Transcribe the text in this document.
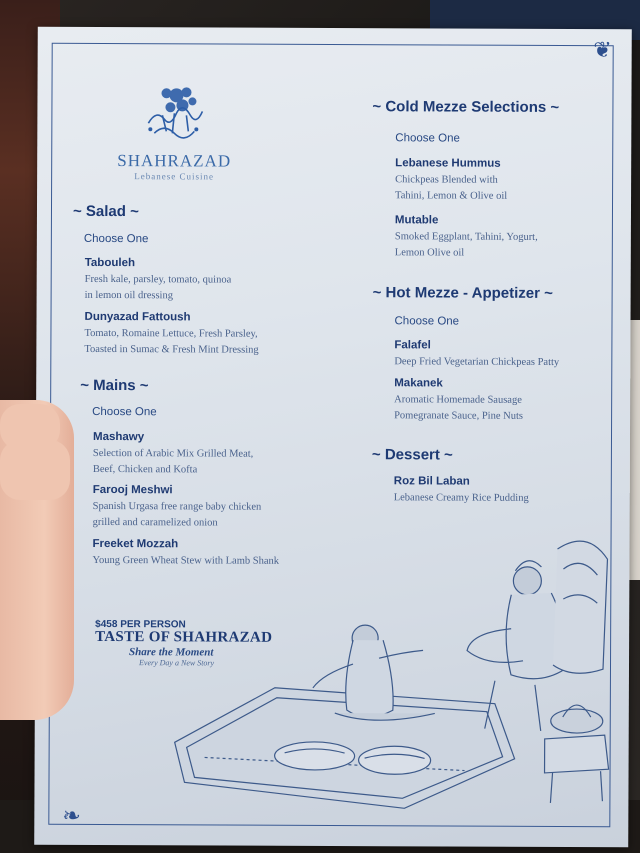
❦
❧
SHAHRAZAD
Lebanese Cuisine
~ Salad ~
Choose One
Tabouleh
Fresh kale, parsley, tomato, quinoa
in lemon oil dressing
Dunyazad Fattoush
Tomato, Romaine Lettuce, Fresh Parsley,
Toasted in Sumac & Fresh Mint Dressing
~ Mains ~
Choose One
Mashawy
Selection of Arabic Mix Grilled Meat,
Beef, Chicken and Kofta
Farooj Meshwi
Spanish Urgasa free range baby chicken
grilled and caramelized onion
Freeket Mozzah
Young Green Wheat Stew with Lamb Shank
~ Cold Mezze Selections ~
Choose One
Lebanese Hummus
Chickpeas Blended with
Tahini, Lemon & Olive oil
Mutable
Smoked Eggplant, Tahini, Yogurt,
Lemon Olive oil
~ Hot Mezze - Appetizer ~
Choose One
Falafel
Deep Fried Vegetarian Chickpeas Patty
Makanek
Aromatic Homemade Sausage
Pomegranate Sauce, Pine Nuts
~ Dessert ~
Roz Bil Laban
Lebanese Creamy Rice Pudding
$458 PER PERSON
TASTE OF SHAHRAZAD
Share the Moment
Every Day a New Story
